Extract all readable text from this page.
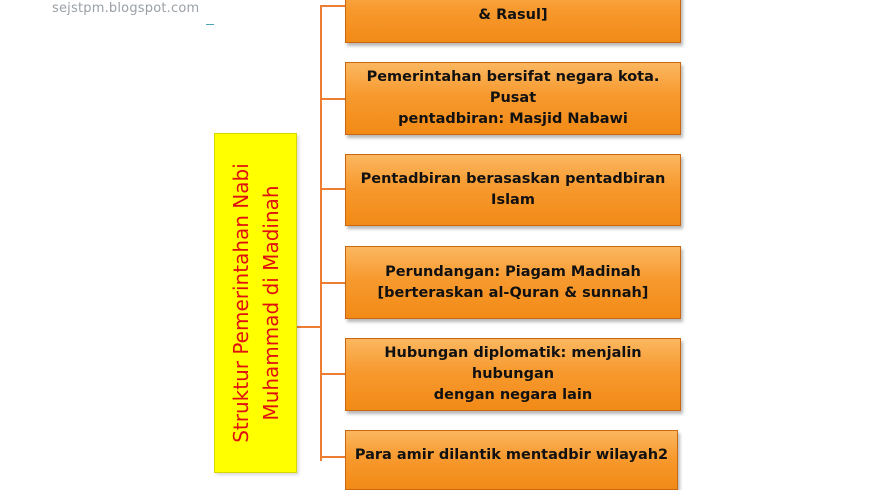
sejstpm.blogspot.com
Struktur Pemerintahan Nabi
Muhammad di Madinah
& Rasul]
Pemerintahan bersifat negara kota. Pusat
pentadbiran: Masjid Nabawi
Pentadbiran berasaskan pentadbiran Islam
Perundangan: Piagam Madinah
[berteraskan al-Quran & sunnah]
Hubungan diplomatik: menjalin hubungan
dengan negara lain
Para amir dilantik mentadbir wilayah2
